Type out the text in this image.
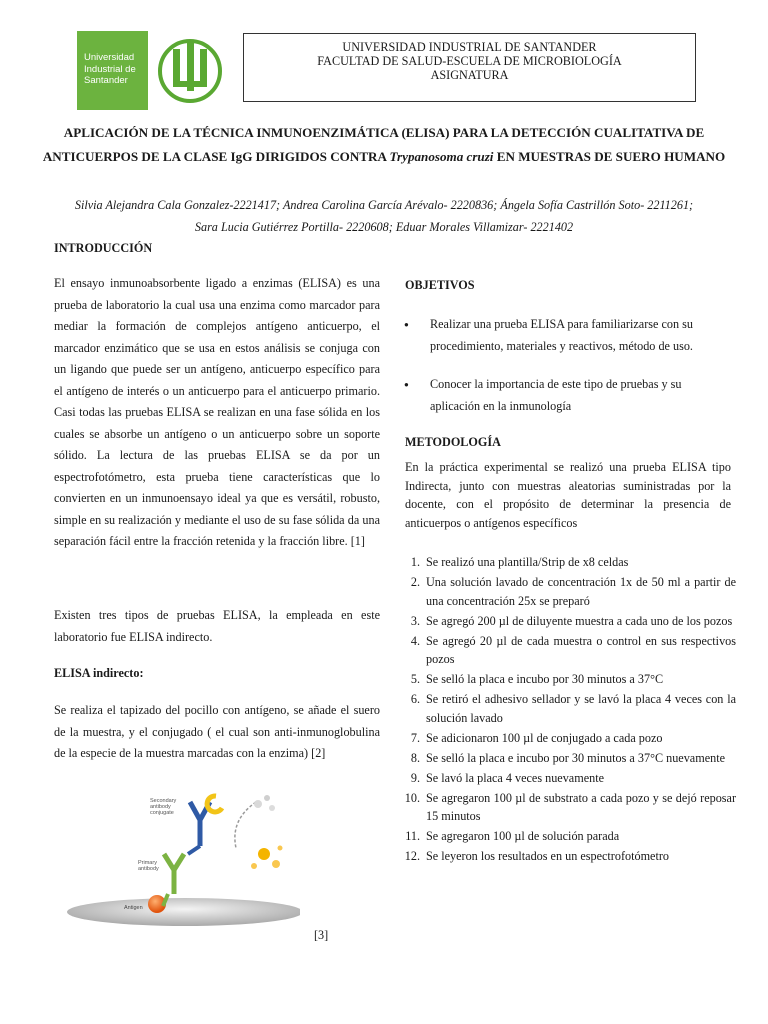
Universidad
Industrial de
Santander
UNIVERSIDAD INDUSTRIAL DE SANTANDER
FACULTAD DE SALUD-ESCUELA DE MICROBIOLOGÍA
ASIGNATURA
APLICACIÓN DE LA TÉCNICA INMUNOENZIMÁTICA (ELISA) PARA LA DETECCIÓN CUALITATIVA DE ANTICUERPOS DE LA CLASE IgG DIRIGIDOS CONTRA Trypanosoma cruzi EN MUESTRAS DE SUERO HUMANO
Silvia Alejandra Cala Gonzalez-2221417; Andrea Carolina García Arévalo- 2220836; Ángela Sofía Castrillón Soto- 2211261;
Sara Lucia Gutiérrez Portilla- 2220608; Eduar Morales Villamizar- 2221402
INTRODUCCIÓN
El ensayo inmunoabsorbente ligado a enzimas (ELISA) es una prueba de laboratorio la cual usa una enzima como marcador para mediar la formación de complejos antígeno anticuerpo, el marcador enzimático que se usa en estos análisis se conjuga con un ligando que puede ser un antígeno, anticuerpo específico para el antígeno de interés o un anticuerpo para el anticuerpo primario. Casi todas las pruebas ELISA se realizan en una fase sólida en los cuales se absorbe un antígeno o un anticuerpo sobre un soporte sólido. La lectura de las pruebas ELISA se da por un espectrofotómetro, esta prueba tiene características que lo convierten en un inmunoensayo ideal ya que es versátil, robusto, simple en su realización y mediante el uso de su fase sólida da una separación fácil entre la fracción retenida y la fracción libre. [1]
Existen tres tipos de pruebas ELISA, la empleada en este laboratorio fue ELISA indirecto.
ELISA indirecto:
Se realiza el tapizado del pocillo con antígeno, se añade el suero de la muestra, y el conjugado ( el cual son anti-inmunoglobulina de la especie de la muestra marcadas con la enzima) [2]
Secondary
antibody
conjugate
Primary
antibody
Antigen
[3]
OBJETIVOS
● Realizar una prueba ELISA para familiarizarse con su procedimiento, materiales y reactivos, método de uso.
● Conocer la importancia de este tipo de pruebas y su aplicación en la inmunología
METODOLOGÍA
En la práctica experimental se realizó una prueba ELISA tipo Indirecta, junto con muestras aleatorias suministradas por la docente, con el propósito de determinar la presencia de anticuerpos o antígenos específicos
1. Se realizó una plantilla/Strip de x8 celdas
2. Una solución lavado de concentración 1x de 50 ml a partir de una concentración 25x se preparó
3. Se agregó 200 µl de diluyente muestra a cada uno de los pozos
4. Se agregó 20 µl de cada muestra o control en sus respectivos pozos
5. Se selló la placa e incubo por 30 minutos a 37°C
6. Se retiró el adhesivo sellador y se lavó la placa 4 veces con la solución lavado
7. Se adicionaron 100 µl de conjugado a cada pozo
8. Se selló la placa e incubo por 30 minutos a 37°C nuevamente
9. Se lavó la placa 4 veces nuevamente
10. Se agregaron 100 µl de substrato a cada pozo y se dejó reposar 15 minutos
11. Se agregaron 100 µl de solución parada
12. Se leyeron los resultados en un espectrofotómetro
